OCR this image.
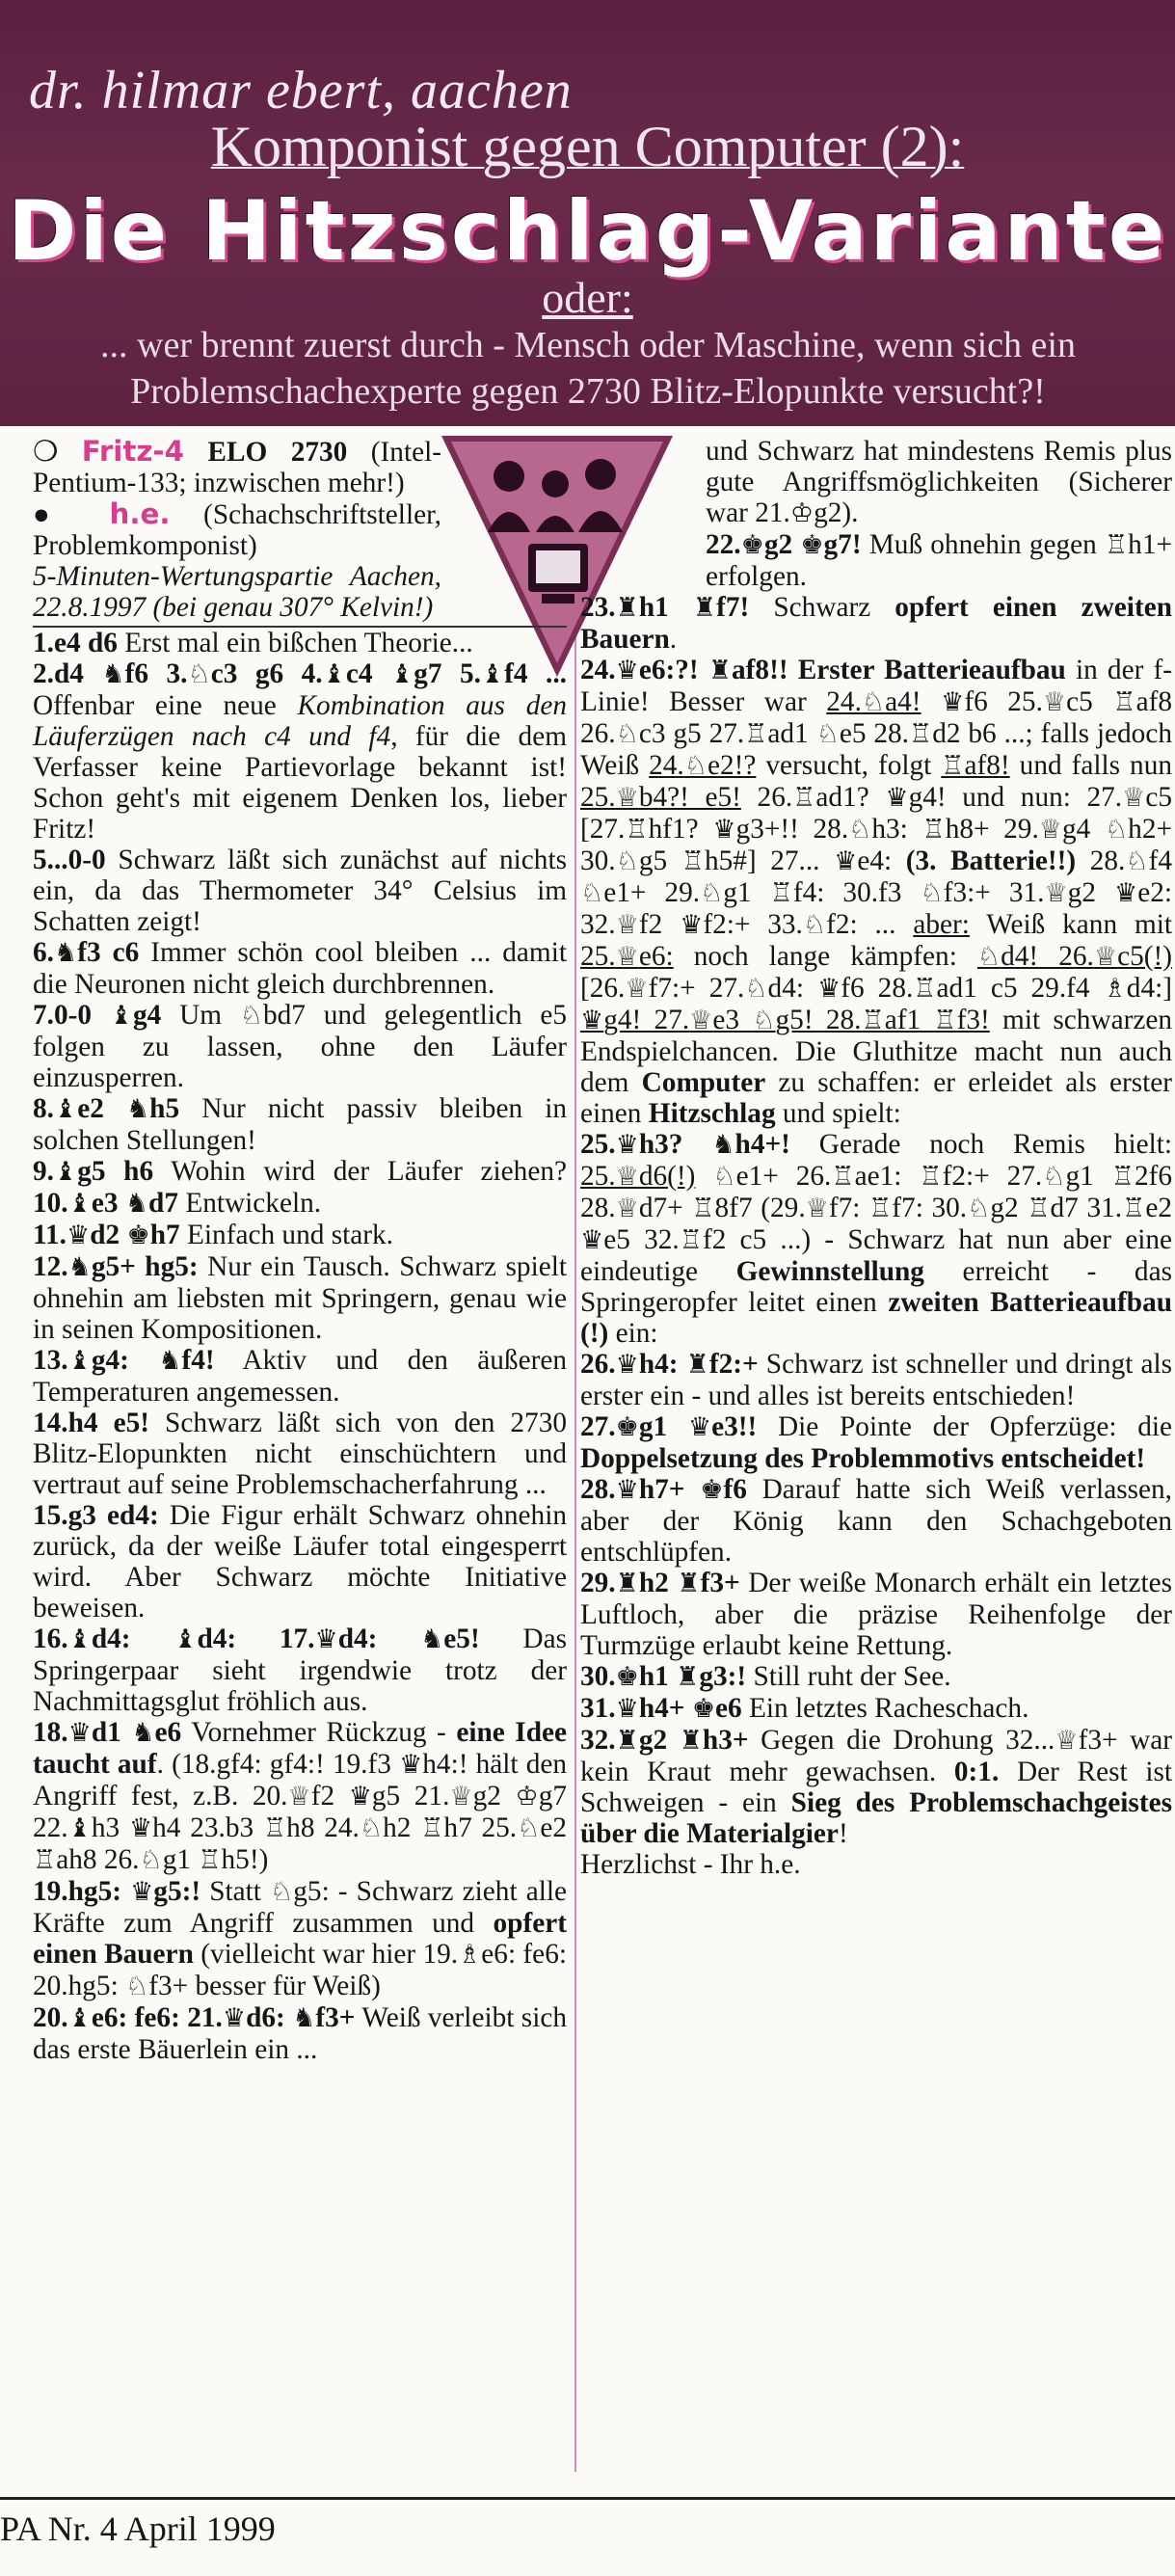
dr. hilmar ebert, aachen
Komponist gegen Computer (2):
Die Hitzschlag-Variante
oder:
... wer brennt zuerst durch - Mensch oder Maschine, wenn sich ein Problemschachexperte gegen 2730 Blitz-Elopunkte versucht?!

❍ Fritz-4 ELO 2730 (Intel-Pentium-133; inzwischen mehr!)

● h.e. (Schachschriftsteller, Problemkomponist)

5-Minuten-Wertungspartie Aachen, 22.8.1997 (bei genau 307° Kelvin!)

1.e4 d6 Erst mal ein bißchen Theorie...

2.d4 ♞f6 3.♘c3 g6 4.♝c4 ♝g7 5.♝f4 ... Offenbar eine neue Kombination aus den Läuferzügen nach c4 und f4, für die dem Verfasser keine Partievorlage bekannt ist! Schon geht's mit eigenem Denken los, lieber Fritz!

5...0-0 Schwarz läßt sich zunächst auf nichts ein, da das Thermometer 34° Celsius im Schatten zeigt!

6.♞f3 c6 Immer schön cool bleiben ... damit die Neuronen nicht gleich durchbrennen.

7.0-0 ♝g4 Um ♘bd7 und gelegentlich e5 folgen zu lassen, ohne den Läufer einzusperren.

8.♝e2 ♞h5 Nur nicht passiv bleiben in solchen Stellungen!

9.♝g5 h6 Wohin wird der Läufer ziehen? 10.♝e3 ♞d7 Entwickeln.

11.♛d2 ♚h7 Einfach und stark.

12.♞g5+ hg5: Nur ein Tausch. Schwarz spielt ohnehin am liebsten mit Springern, genau wie in seinen Kompositionen.

13.♝g4: ♞f4! Aktiv und den äußeren Temperaturen angemessen.

14.h4 e5! Schwarz läßt sich von den 2730 Blitz-Elopunkten nicht einschüchtern und vertraut auf seine Problemschacherfahrung ...

15.g3 ed4: Die Figur erhält Schwarz ohnehin zurück, da der weiße Läufer total eingesperrt wird. Aber Schwarz möchte Initiative beweisen.

16.♝d4: ♝d4: 17.♛d4: ♞e5! Das Springerpaar sieht irgendwie trotz der Nachmittagsglut fröhlich aus.

18.♛d1 ♞e6 Vornehmer Rückzug - eine Idee taucht auf. (18.gf4: gf4:! 19.f3 ♛h4:! hält den Angriff fest, z.B. 20.♕f2 ♛g5 21.♕g2 ♔g7 22.♝h3 ♛h4 23.b3 ♖h8 24.♘h2 ♖h7 25.♘e2 ♖ah8 26.♘g1 ♖h5!)

19.hg5: ♛g5:! Statt ♘g5: - Schwarz zieht alle Kräfte zum Angriff zusammen und opfert einen Bauern (vielleicht war hier 19.♗e6: fe6: 20.hg5: ♘f3+ besser für Weiß)

20.♝e6: fe6: 21.♛d6: ♞f3+ Weiß verleibt sich das erste Bäuerlein ein ...

und Schwarz hat mindestens Remis plus gute Angriffsmöglichkeiten (Sicherer war 21.♔g2).

22.♚g2 ♚g7! Muß ohnehin gegen ♖h1+ erfolgen.

23.♜h1 ♜f7! Schwarz opfert einen zweiten Bauern.

24.♛e6:?! ♜af8!! Erster Batterieaufbau in der f-Linie! Besser war 24.♘a4! ♛f6 25.♕c5 ♖af8 26.♘c3 g5 27.♖ad1 ♘e5 28.♖d2 b6 ...; falls jedoch Weiß 24.♘e2!? versucht, folgt ♖af8! und falls nun 25.♕b4?! e5! 26.♖ad1? ♛g4! und nun: 27.♕c5 [27.♖hf1? ♛g3+!! 28.♘h3: ♖h8+ 29.♕g4 ♘h2+ 30.♘g5 ♖h5#] 27... ♛e4: (3. Batterie!!) 28.♘f4 ♘e1+ 29.♘g1 ♖f4: 30.f3 ♘f3:+ 31.♕g2 ♛e2: 32.♕f2 ♛f2:+ 33.♘f2: ... aber: Weiß kann mit 25.♕e6: noch lange kämpfen: ♘d4! 26.♕c5(!) [26.♕f7:+ 27.♘d4: ♛f6 28.♖ad1 c5 29.f4 ♗d4:] ♛g4! 27.♕e3 ♘g5! 28.♖af1 ♖f3! mit schwarzen Endspielchancen. Die Gluthitze macht nun auch dem Computer zu schaffen: er erleidet als erster einen Hitzschlag und spielt:

25.♛h3? ♞h4+! Gerade noch Remis hielt: 25.♕d6(!) ♘e1+ 26.♖ae1: ♖f2:+ 27.♘g1 ♖2f6 28.♕d7+ ♖8f7 (29.♕f7: ♖f7: 30.♘g2 ♖d7 31.♖e2 ♛e5 32.♖f2 c5 ...) - Schwarz hat nun aber eine eindeutige Gewinnstellung erreicht - das Springeropfer leitet einen zweiten Batterieaufbau (!) ein:

26.♛h4: ♜f2:+ Schwarz ist schneller und dringt als erster ein - und alles ist bereits entschieden!

27.♚g1 ♛e3!! Die Pointe der Opferzüge: die Doppelsetzung des Problemmotivs entscheidet!

28.♛h7+ ♚f6 Darauf hatte sich Weiß verlassen, aber der König kann den Schachgeboten entschlüpfen.

29.♜h2 ♜f3+ Der weiße Monarch erhält ein letztes Luftloch, aber die präzise Reihenfolge der Turmzüge erlaubt keine Rettung.

30.♚h1 ♜g3:! Still ruht der See.

31.♛h4+ ♚e6 Ein letztes Racheschach.

32.♜g2 ♜h3+ Gegen die Drohung 32...♕f3+ war kein Kraut mehr gewachsen. 0:1. Der Rest ist Schweigen - ein Sieg des Problemschachgeistes über die Materialgier!

Herzlichst - Ihr h.e.

PA Nr. 4 April 1999
